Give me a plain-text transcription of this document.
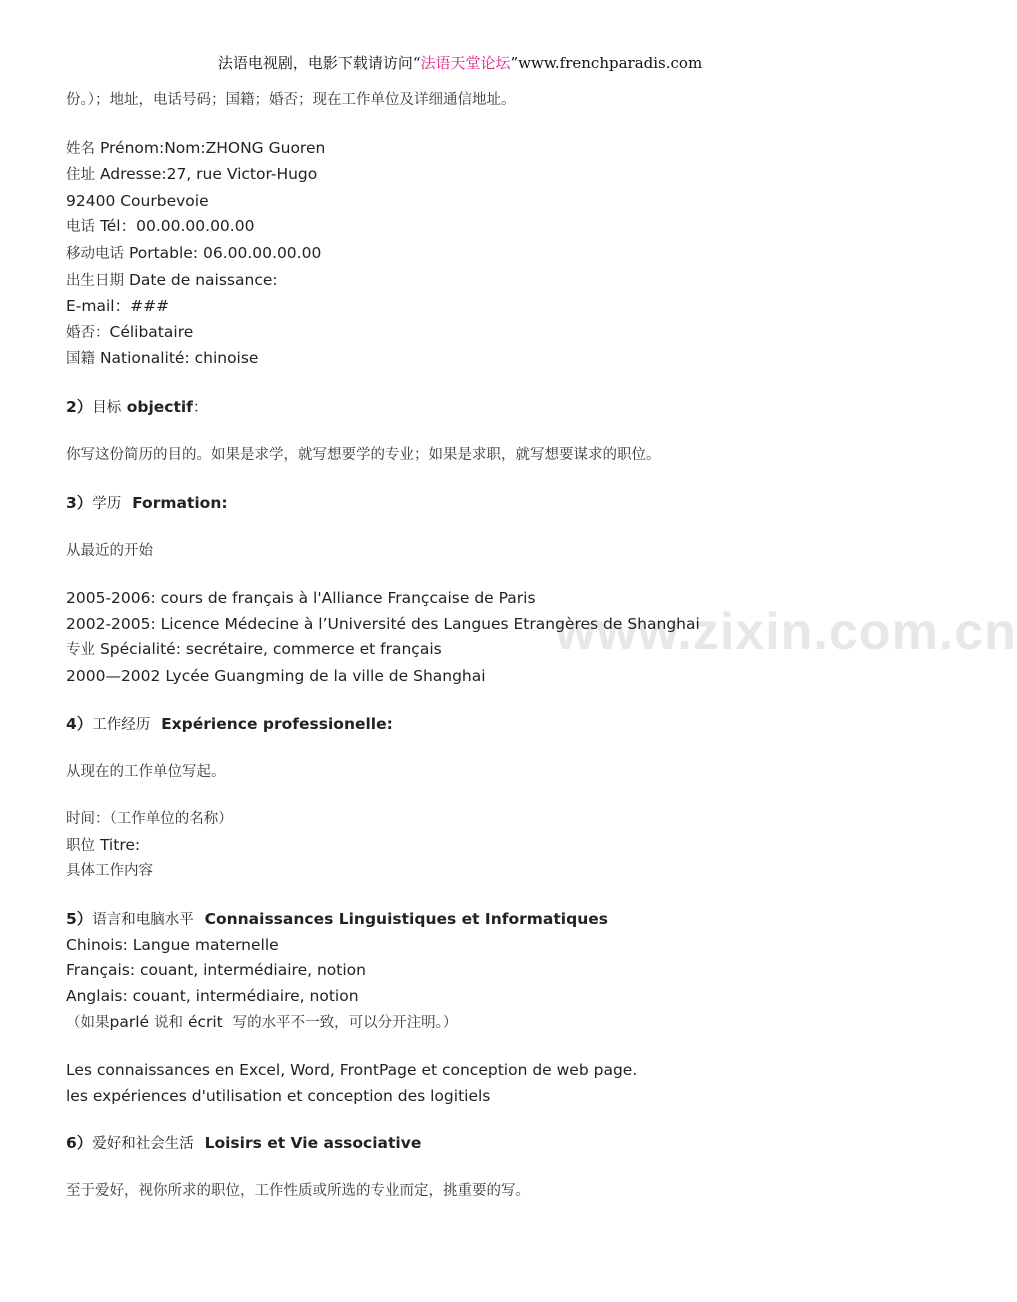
法语电视剧，电影下载请访问“法语天堂论坛”www.frenchparadis.com
www.zixin.com.cn
份。）；地址，电话号码；国籍；婚否；现在工作单位及详细通信地址。
姓名 Prénom:Nom:ZHONG Guoren
住址 Adresse:27, rue Victor-Hugo
92400 Courbevoie
电话 Tél：00.00.00.00.00
移动电话 Portable: 06.00.00.00.00
出生日期 Date de naissance:
E-mail：###
婚否：Célibataire
国籍 Nationalité: chinoise
2）目标 objectif：
你写这份简历的目的。如果是求学，就写想要学的专业；如果是求职，就写想要谋求的职位。
3）学历 Formation:
从最近的开始
2005-2006: cours de français à l'Alliance Françcaise de Paris
2002-2005: Licence Médecine à l’Université des Langues Etrangères de Shanghai
专业 Spécialité: secrétaire, commerce et français
2000—2002 Lycée Guangming de la ville de Shanghai
4）工作经历 Expérience professionelle:
从现在的工作单位写起。
时间：（工作单位的名称）
职位 Titre:
具体工作内容
5）语言和电脑水平 Connaissances Linguistiques et Informatiques
Chinois: Langue maternelle
Français: couant, intermédiaire, notion
Anglais: couant, intermédiaire, notion
（如果parlé 说和 écrit 写的水平不一致，可以分开注明。）
Les connaissances en Excel, Word, FrontPage et conception de web page.
les expériences d'utilisation et conception des logitiels
6）爱好和社会生活 Loisirs et Vie associative
至于爱好，视你所求的职位，工作性质或所选的专业而定，挑重要的写。
